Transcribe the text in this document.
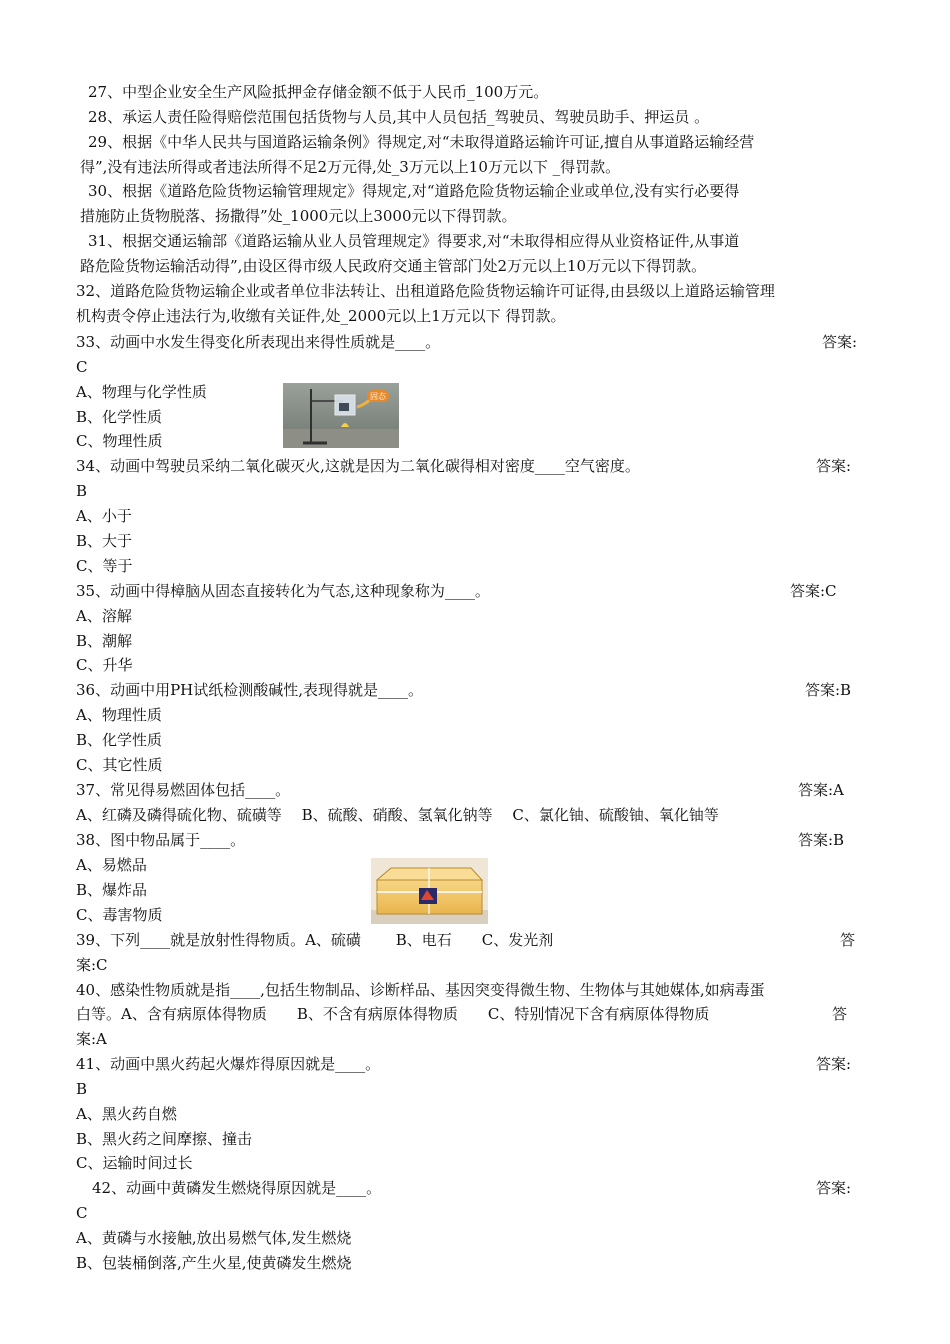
27、中型企业安全生产风险抵押金存储金额不低于人民币_100万元。
28、承运人责任险得赔偿范围包括货物与人员,其中人员包括_驾驶员、驾驶员助手、押运员 。
29、根据《中华人民共与国道路运输条例》得规定,对“未取得道路运输许可证,擅自从事道路运输经营
得”,没有违法所得或者违法所得不足2万元得,处_3万元以上10万元以下 _得罚款。
30、根据《道路危险货物运输管理规定》得规定,对“道路危险货物运输企业或单位,没有实行必要得
措施防止货物脱落、扬撒得”处_1000元以上3000元以下得罚款。
31、根据交通运输部《道路运输从业人员管理规定》得要求,对“未取得相应得从业资格证件,从事道
路危险货物运输活动得”,由设区得市级人民政府交通主管部门处2万元以上10万元以下得罚款。
32、道路危险货物运输企业或者单位非法转让、出租道路危险货物运输许可证得,由县级以上道路运输管理
机构责令停止违法行为,收缴有关证件,处_2000元以上1万元以下 得罚款。
33、动画中水发生得变化所表现出来得性质就是____。	答案:
C
A、物理与化学性质
B、化学性质
C、物理性质
固态
34、动画中驾驶员采纳二氧化碳灭火,这就是因为二氧化碳得相对密度____空气密度。	答案:
B
A、小于
B、大于
C、等于
35、动画中得樟脑从固态直接转化为气态,这种现象称为____。	答案:C
A、溶解
B、潮解
C、升华
36、动画中用PH试纸检测酸碱性,表现得就是____。	答案:B
A、物理性质
B、化学性质
C、其它性质
37、常见得易燃固体包括____。	答案:A
A、红磷及磷得硫化物、硫磺等　 B、硫酸、硝酸、氢氧化钠等　 C、氯化铀、硫酸铀、氧化铀等
38、图中物品属于____。	答案:B
A、易燃品
B、爆炸品
C、毒害物质
39、下列____就是放射性得物质。A、硫磺　　 B、电石　　C、发光剂	答
案:C
40、感染性物质就是指____,包括生物制品、诊断样品、基因突变得微生物、生物体与其她媒体,如病毒蛋
白等。A、含有病原体得物质　　B、不含有病原体得物质　　C、特别情况下含有病原体得物质	答
案:A
41、动画中黑火药起火爆炸得原因就是____。	答案:
B
A、黑火药自燃
B、黑火药之间摩擦、撞击
C、运输时间过长
42、动画中黄磷发生燃烧得原因就是____。	答案:
C
A、黄磷与水接触,放出易燃气体,发生燃烧
B、包装桶倒落,产生火星,使黄磷发生燃烧
